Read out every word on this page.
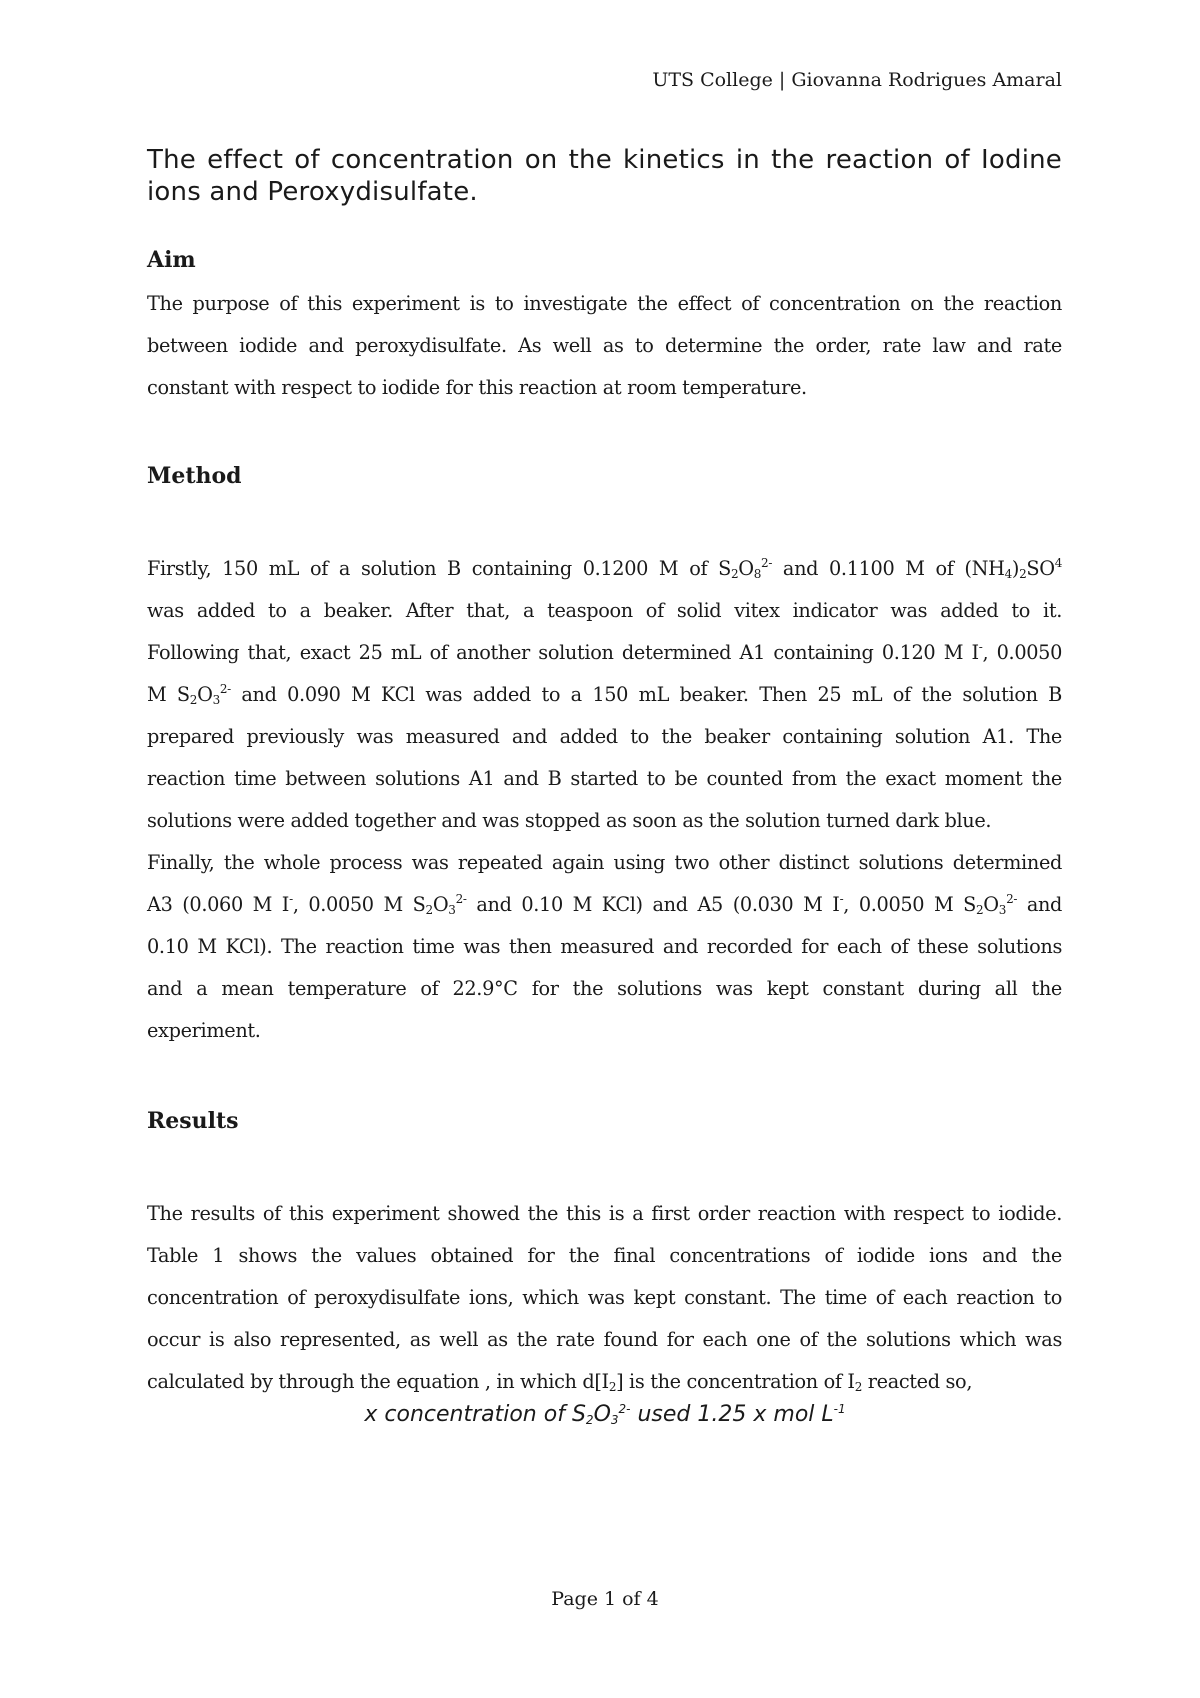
UTS College | Giovanna Rodrigues Amaral
The effect of concentration on the kinetics in the reaction of Iodine ions and Peroxydisulfate.
Aim
The purpose of this experiment is to investigate the effect of concentration on the reaction
between iodide and peroxydisulfate. As well as to determine the order, rate law and rate
constant with respect to iodide for this reaction at room temperature.
Method
Firstly, 150 mL of a solution B containing 0.1200 M of $S_2O_8^{2-}$ and 0.1100 M of $(NH_4)_2SO^4$
was added to a beaker. After that, a teaspoon of solid vitex indicator was added to it.
Following that, exact 25 mL of another solution determined A1 containing 0.120 M I-, 0.0050
M $S_2O_3^{2-}$ and 0.090 M KCl was added to a 150 mL beaker. Then 25 mL of the solution B
prepared previously was measured and added to the beaker containing solution A1. The
reaction time between solutions A1 and B started to be counted from the exact moment the
solutions were added together and was stopped as soon as the solution turned dark blue.
Finally, the whole process was repeated again using two other distinct solutions determined
A3 (0.060 M I-, 0.0050 M $S_2O_3^{2-}$ and 0.10 M KCl) and A5 (0.030 M I-, 0.0050 M $S_2O_3^{2-}$ and
0.10 M KCl). The reaction time was then measured and recorded for each of these solutions
and a mean temperature of 22.9°C for the solutions was kept constant during all the
experiment.
Results
The results of this experiment showed the this is a first order reaction with respect to iodide.
Table 1 shows the values obtained for the final concentrations of iodide ions and the
concentration of peroxydisulfate ions, which was kept constant. The time of each reaction to
occur is also represented, as well as the rate found for each one of the solutions which was
calculated by through the equation , in which $d[I_2]$ is the concentration of $I_2$ reacted so,
x concentration of $S_2O_3^{2-}$ used 1.25 x mol $L^{-1}$
Page 1 of 4
